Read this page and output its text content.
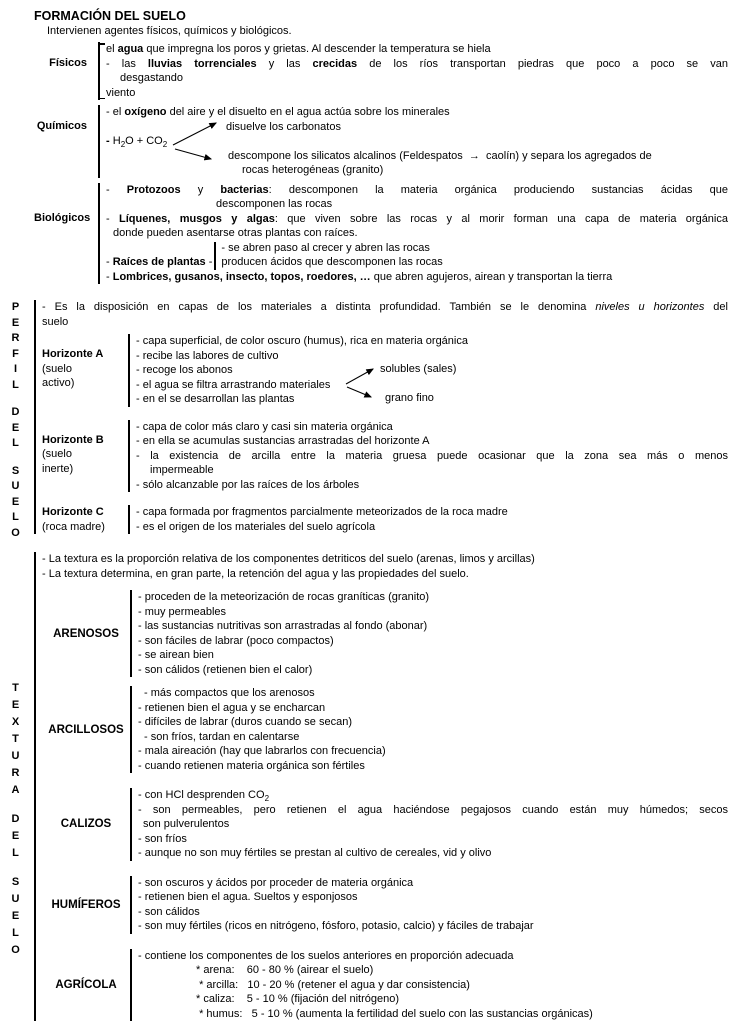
FORMACIÓN DEL SUELO
Intervienen agentes físicos, químicos y biológicos.
Físicos
el agua que impregna los poros y grietas. Al descender la temperatura se hiela
- las lluvias torrenciales y las crecidas de los ríos transportan piedras que poco a poco se van
desgastando
viento
Químicos
- el oxígeno del aire y el disuelto en el agua actúa sobre los minerales
disuelve los carbonatos
- $H_2O + CO_2$
descompone los silicatos alcalinos (Feldespatos  →  caolín) y separa los agregados de
rocas heterogéneas (granito)
Biológicos
- Protozoos y bacterias: descomponen la materia orgánica produciendo sustancias ácidas que
descomponen las rocas
- Líquenes, musgos y algas: que viven sobre las rocas y al morir forman una capa de materia orgánica
donde pueden asentarse otras plantas con raíces.
- Raíces de plantas -
- se abren paso al crecer y abren las rocas
producen ácidos que descomponen las rocas
- Lombrices, gusanos, insecto, topos, roedores, … que abren agujeros, airean y transportan la tierra
P
E
R
F
I
L
D
E
L
S
U
E
L
O
- Es la disposición en capas de los materiales a distinta profundidad. También se le denomina niveles u horizontes del
suelo
Horizonte A
(suelo
activo)
- capa superficial, de color oscuro (humus), rica en materia orgánica
- recibe las labores de cultivo
- recoge los abonos
- el agua se filtra arrastrando materiales
- en el se desarrollan las plantas
solubles (sales)
grano fino
Horizonte B
(suelo
inerte)
- capa de color más claro y casi sin materia orgánica
- en ella se acumulas sustancias arrastradas del horizonte A
- la existencia de arcilla entre la materia gruesa puede ocasionar que la zona sea más o menos
impermeable
- sólo alcanzable por las raíces de los árboles
Horizonte C
(roca madre)
- capa formada por fragmentos parcialmente meteorizados de la roca madre
- es el origen de los materiales del suelo agrícola
T
E
X
T
U
R
A
D
E
L
S
U
E
L
O
- La textura es la proporción relativa de los componentes detriticos del suelo (arenas, limos y arcillas)
- La textura determina, en gran parte, la retención del agua y las propiedades del suelo.
ARENOSOS
- proceden de la meteorización de rocas graníticas (granito)
- muy permeables
- las sustancias nutritivas son arrastradas al fondo (abonar)
- son fáciles de labrar (poco compactos)
- se airean bien
- son cálidos (retienen bien el calor)
ARCILLOSOS
- más compactos que los arenosos
- retienen bien el agua y se encharcan
- difíciles de labrar (duros cuando se secan)
- son fríos, tardan en calentarse
- mala aireación (hay que labrarlos con frecuencia)
- cuando retienen materia orgánica son fértiles
CALIZOS
- con HCl desprenden $CO_2$
- son permeables, pero retienen el agua haciéndose pegajosos cuando están muy húmedos; secos
son pulverulentos
- son fríos
- aunque no son muy fértiles se prestan al cultivo de cereales, vid y olivo
HUMÍFEROS
- son oscuros y ácidos por proceder de materia orgánica
- retienen bien el agua. Sueltos y esponjosos
- son cálidos
- son muy fértiles (ricos en nitrógeno, fósforo, potasio, calcio) y fáciles de trabajar
AGRÍCOLA
- contiene los componentes de los suelos anteriores en proporción adecuada
* arena:    60 - 80 % (airear el suelo)
* arcilla:   10 - 20 % (retener el agua y dar consistencia)
* caliza:    5 - 10 % (fijación del nitrógeno)
* humus:   5 - 10 % (aumenta la fertilidad del suelo con las sustancias orgánicas)
